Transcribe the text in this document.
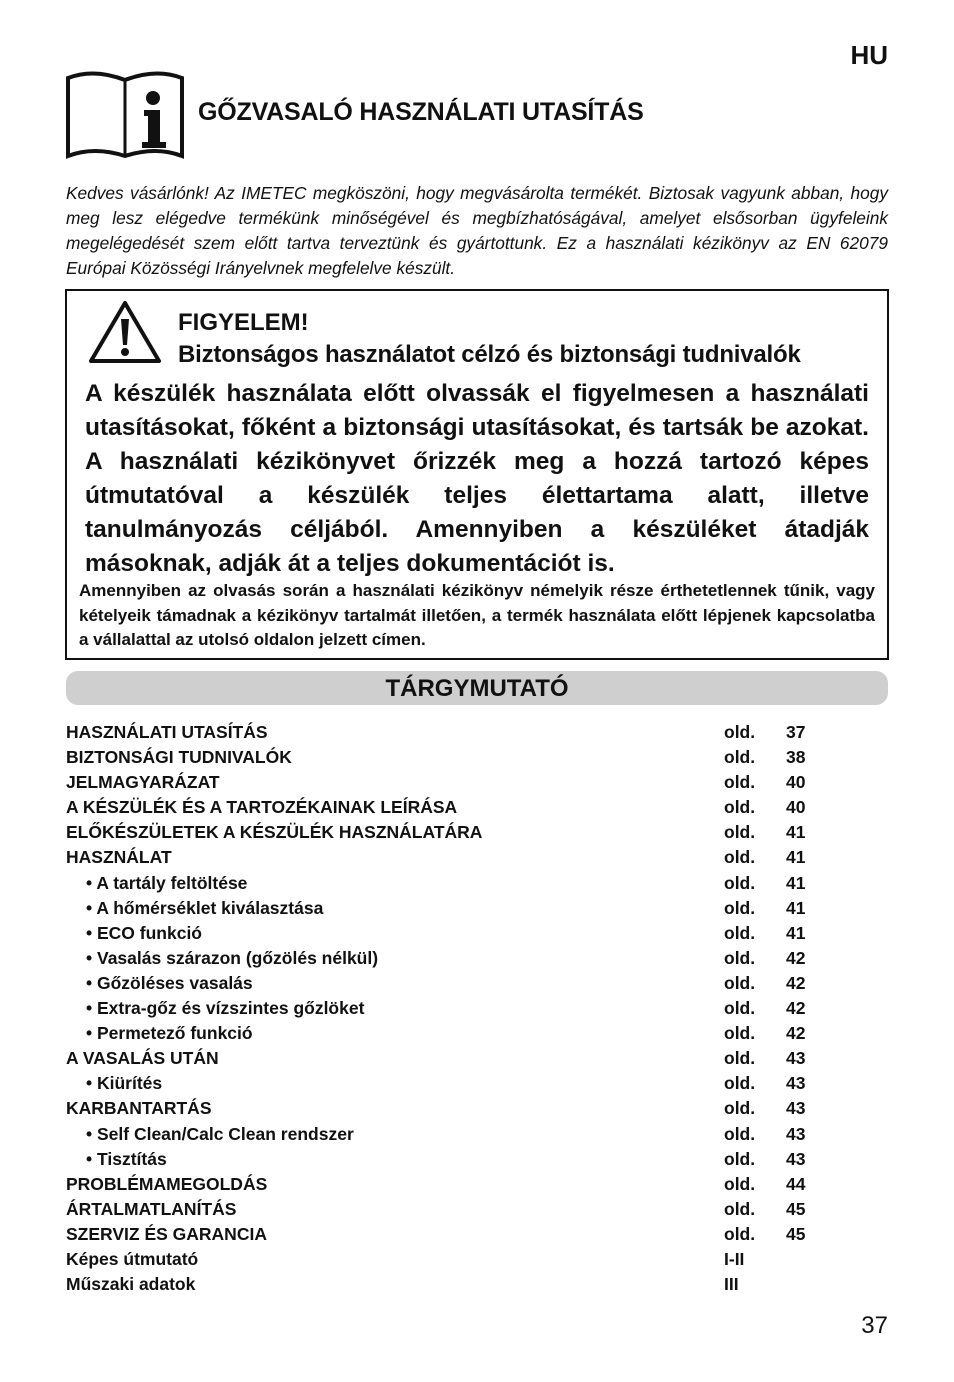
HU
GŐZVASALÓ HASZNÁLATI UTASÍTÁS
Kedves vásárlónk! Az IMETEC megköszöni, hogy megvásárolta termékét. Biztosak vagyunk abban, hogy meg lesz elégedve termékünk minőségével és megbízhatóságával, amelyet elsősorban ügyfeleink megelégedését szem előtt tartva terveztünk és gyártottunk. Ez a használati kézikönyv az EN 62079 Európai Közösségi Irányelvnek megfelelve készült.
FIGYELEM!
Biztonságos használatot célzó és biztonsági tudnivalók
A készülék használata előtt olvassák el figyelmesen a használati utasításokat, főként a biztonsági utasításokat, és tartsák be azokat. A használati kézikönyvet őrizzék meg a hozzá tartozó képes útmutatóval a készülék teljes élettartama alatt, illetve tanulmányozás céljából. Amennyiben a készüléket átadják másoknak, adják át a teljes dokumentációt is.
Amennyiben az olvasás során a használati kézikönyv némelyik része érthetetlennek tűnik, vagy kételyeik támadnak a kézikönyv tartalmát illetően, a termék használata előtt lépjenek kapcsolatba a vállalattal az utolsó oldalon jelzett címen.
TÁRGYMUTATÓ
HASZNÁLATI UTASÍTÁS	old. 37
BIZTONSÁGI TUDNIVALÓK	old. 38
JELMAGYARÁZAT	old. 40
A KÉSZÜLÉK ÉS A TARTOZÉKAINAK LEÍRÁSA	old. 40
ELŐKÉSZÜLETEK A KÉSZÜLÉK HASZNÁLATÁRA	old. 41
HASZNÁLAT	old. 41
• A tartály feltöltése	old. 41
• A hőmérséklet kiválasztása	old. 41
• ECO funkció	old. 41
• Vasalás szárazon (gőzölés nélkül)	old. 42
• Gőzöléses vasalás	old. 42
• Extra-gőz és vízszintes gőzlöket	old. 42
• Permetező funkció	old. 42
A VASALÁS UTÁN	old. 43
• Kiürítés	old. 43
KARBANTARTÁS	old. 43
• Self Clean/Calc Clean rendszer	old. 43
• Tisztítás	old. 43
PROBLÉMAMEGOLDÁS	old. 44
ÁRTALMATLANÍTÁS	old. 45
SZERVIZ ÉS GARANCIA	old. 45
Képes útmutató	I-II
Műszaki adatok	III
37
